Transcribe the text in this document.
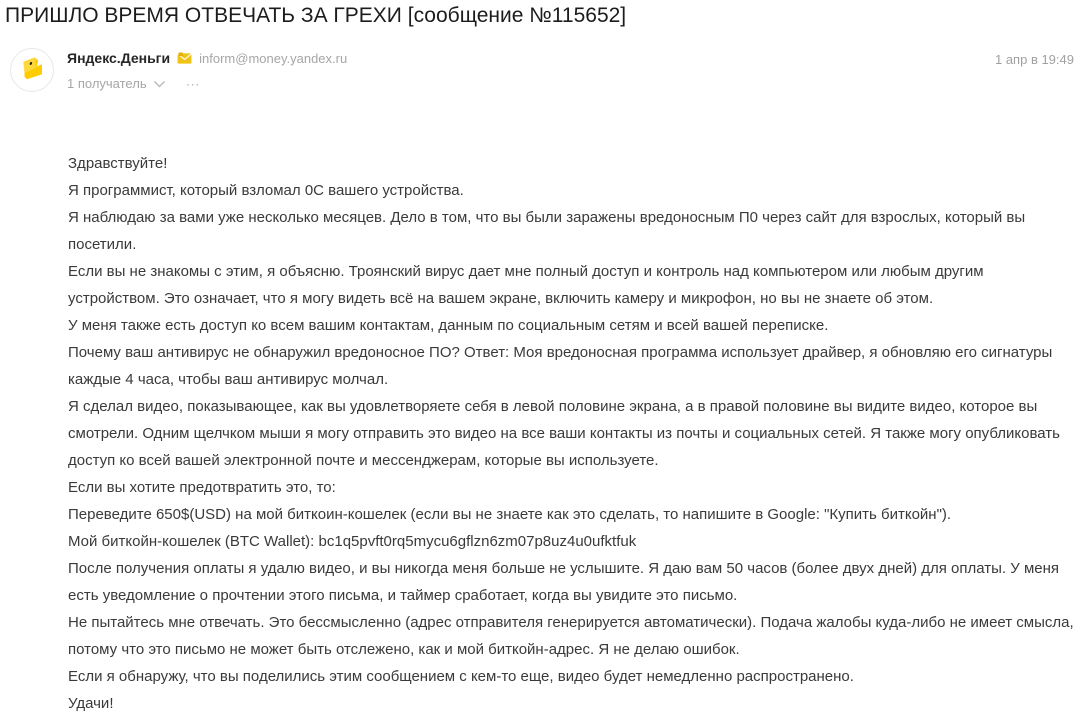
ПРИШЛО ВРЕМЯ ОТВЕЧАТЬ ЗА ГРЕХИ [сообщение №115652]
Яндекс.Деньги inform@money.yandex.ru
1 получатель	⋯
1 апр в 19:49
Здравствуйте!
Я программист, который взломал 0С вашего устройства.
Я наблюдаю за вами уже несколько месяцев. Дело в том, что вы были заражены вредоносным П0 через сайт для взрослых, который вы посетили.
Если вы не знакомы с этим, я объясню. Троянский вирус дает мне полный доступ и контроль над компьютером или любым другим устройством. Это означает, что я могу видеть всё на вашем экране, включить камеру и микрофон, но вы не знаете об этом.
У меня также есть доступ ко всем вашим контактам, данным по социальным сетям и всей вашей переписке.
Почему ваш антивирус не обнаружил вредоносное ПО? Ответ: Моя вредоносная программа использует драйвер, я обновляю его сигнатуры каждые 4 часа, чтобы ваш антивирус молчал.
Я сделал видео, показывающее, как вы удовлетворяете себя в левой половине экрана, а в правой половине вы видите видео, которое вы смотрели. Одним щелчком мыши я могу отправить это видео на все ваши контакты из почты и социальных сетей. Я также могу опубликовать доступ ко всей вашей электронной почте и мессенджерам, которые вы используете.
Если вы хотите предотвратить это, то:
Переведите 650$(USD) на мой биткоин-кошелек (если вы не знаете как это сделать, то напишите в Google: "Купить биткойн").
Мой биткойн-кошелек (BTC Wallet): bc1q5pvft0rq5mycu6gflzn6zm07p8uz4u0ufktfuk
После получения оплаты я удалю видео, и вы никогда меня больше не услышите. Я даю вам 50 часов (более двух дней) для оплаты. У меня есть уведомление о прочтении этого письма, и таймер сработает, когда вы увидите это письмо.
Не пытайтесь мне отвечать. Это бессмысленно (адрес отправителя генерируется автоматически). Подача жалобы куда-либо не имеет смысла, потому что это письмо не может быть отслежено, как и мой биткойн-адрес. Я не делаю ошибок.
Если я обнаружу, что вы поделились этим сообщением с кем-то еще, видео будет немедленно распространено.
Удачи!
